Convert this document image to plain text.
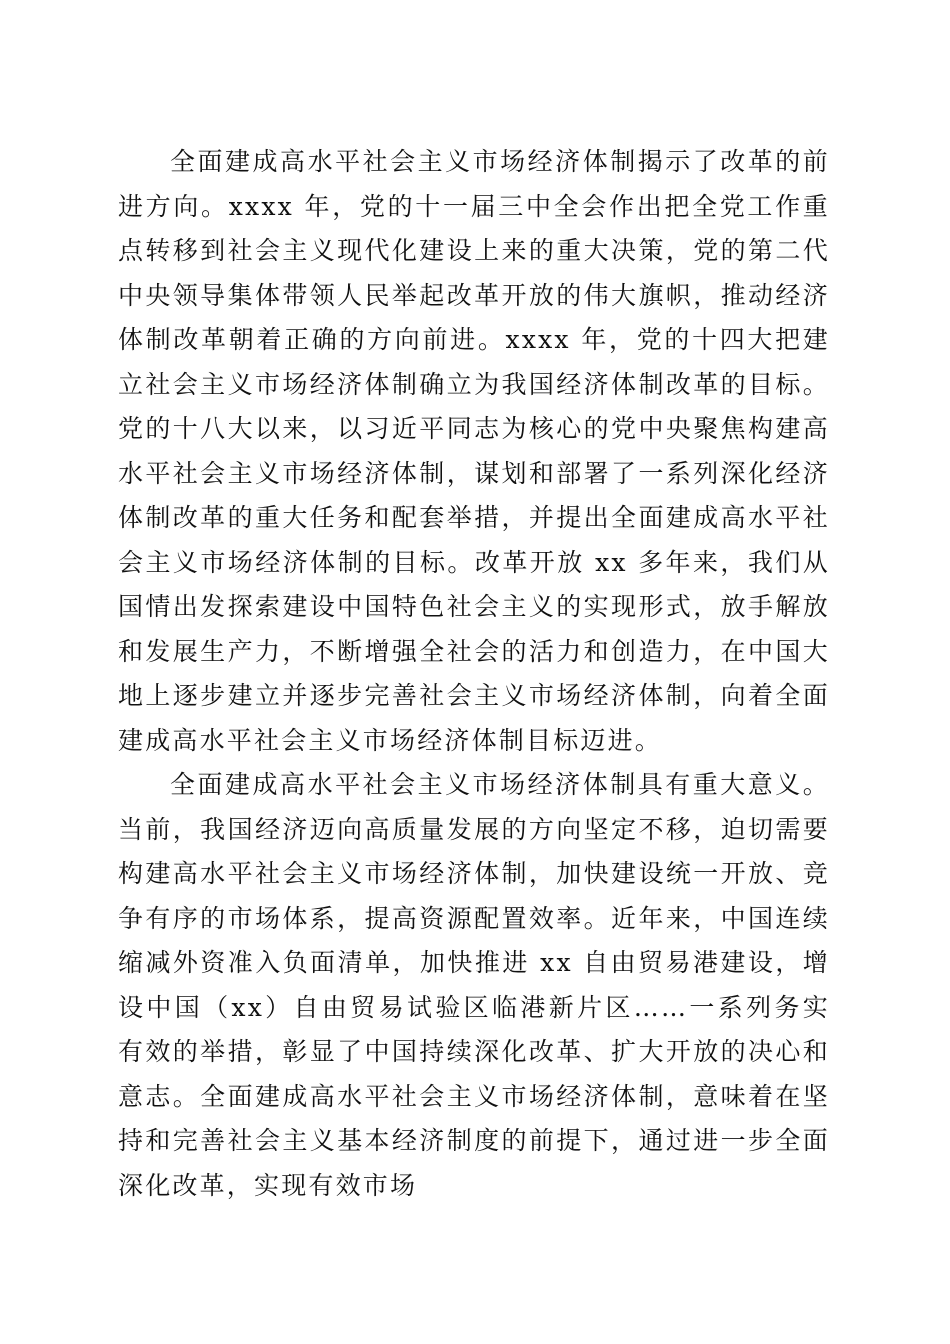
全面建成高水平社会主义市场经济体制揭示了改革的前进方向。xxxx 年，党的十一届三中全会作出把全党工作重点转移到社会主义现代化建设上来的重大决策，党的第二代中央领导集体带领人民举起改革开放的伟大旗帜，推动经济体制改革朝着正确的方向前进。xxxx 年，党的十四大把建立社会主义市场经济体制确立为我国经济体制改革的目标。党的十八大以来，以习近平同志为核心的党中央聚焦构建高水平社会主义市场经济体制，谋划和部署了一系列深化经济体制改革的重大任务和配套举措，并提出全面建成高水平社会主义市场经济体制的目标。改革开放 xx 多年来，我们从国情出发探索建设中国特色社会主义的实现形式，放手解放和发展生产力，不断增强全社会的活力和创造力，在中国大地上逐步建立并逐步完善社会主义市场经济体制，向着全面建成高水平社会主义市场经济体制目标迈进。

全面建成高水平社会主义市场经济体制具有重大意义。当前，我国经济迈向高质量发展的方向坚定不移，迫切需要构建高水平社会主义市场经济体制，加快建设统一开放、竞争有序的市场体系，提高资源配置效率。近年来，中国连续缩减外资准入负面清单，加快推进 xx 自由贸易港建设，增设中国（xx）自由贸易试验区临港新片区……一系列务实有效的举措，彰显了中国持续深化改革、扩大开放的决心和意志。全面建成高水平社会主义市场经济体制，意味着在坚持和完善社会主义基本经济制度的前提下，通过进一步全面深化改革，实现有效市场
